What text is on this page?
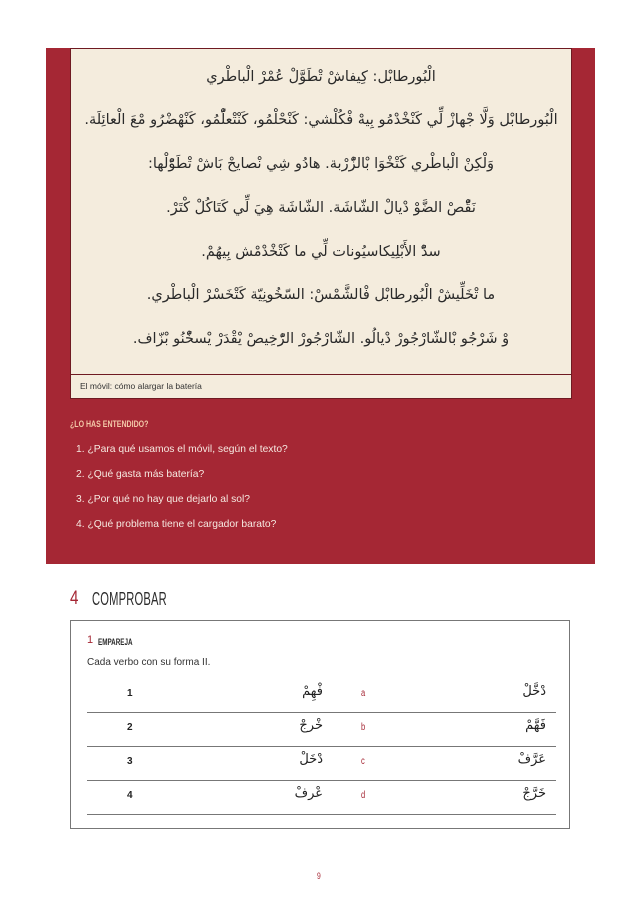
الْبُورطابْل: كِيفاشْ تْطَوَّلْ عُمْرْ الْباطْري
الْبُورطابْل وَلَّا جْهازْ لِّي كَنْخْدْمُو بِيهْ فْكُلْشي: كَنْحْلْمُو، كَنْتْعلّْمُو، كَنْهْضْرُو مْعَ الْعائِلَة.
وَلْكِنْ الْباطْري كَتْخْوَا بْالزّْرْبة. هادُو شِي نْصايحْ بَاشْ تْطَوّْلْها:
نَقّْصْ الضَّوْ دْيالْ الشّاشَة. الشّاشَة هِيَ لِّي كَتَاكُلْ كْتَرْ.
سدّْ الأَبْلِيكاسيُونات لِّي ما كَتْخْدْمْش بِيهُمْ.
ما تْخَلِّيشْ الْبُورطابْل فْالشَّمْسْ: السّخُونِيّة كَتْخَسْرْ الْباطْري.
وْ شَرْجُو بْالشّارْجُورْ دْيالُو. الشّارْجُورْ الرّْخِيصْ يْقْدَرْ يْسخّْنُو بْزّاف.
El móvil: cómo alargar la batería
¿LO HAS ENTENDIDO?
1. ¿Para qué usamos el móvil, según el texto?
2. ¿Qué gasta más batería?
3. ¿Por qué no hay que dejarlo al sol?
4. ¿Qué problema tiene el cargador barato?
4 COMPROBAR
1 EMPAREJA
Cada verbo con su forma II.
1	فْهِمْ	a	دْخَّلْ
2	خْرجْ	b	فَهَّمْ
3	دْخَلْ	c	عَرَّفْ
4	عْرفْ	d	خَرَّجْ
9
